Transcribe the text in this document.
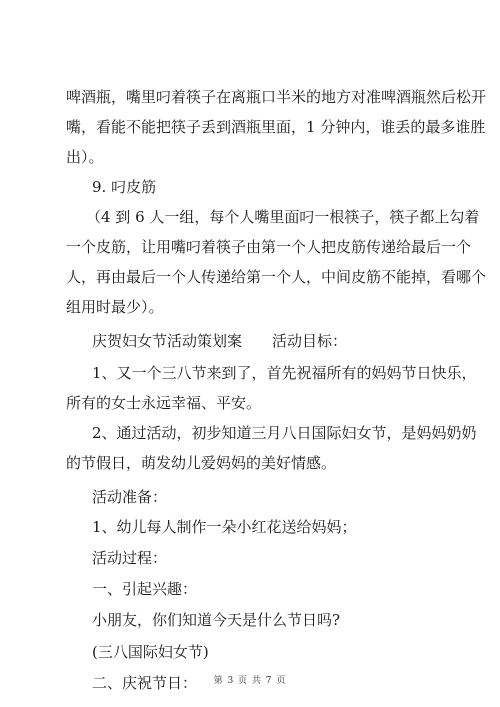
啤酒瓶，嘴里叼着筷子在离瓶口半米的地方对准啤酒瓶然后松开
嘴，看能不能把筷子丢到酒瓶里面，1 分钟内，谁丢的最多谁胜
出）。
9. 叼皮筋
（4 到 6 人一组，每个人嘴里面叼一根筷子，筷子都上勾着
一个皮筋，让用嘴叼着筷子由第一个人把皮筋传递给最后一个
人，再由最后一个人传递给第一个人，中间皮筋不能掉，看哪个
组用时最少）。
庆贺妇女节活动策划案　　活动目标：
1、又一个三八节来到了，首先祝福所有的妈妈节日快乐，
所有的女士永远幸福、平安。
2、通过活动，初步知道三月八日国际妇女节，是妈妈奶奶
的节假日，萌发幼儿爱妈妈的美好情感。
活动准备：
1、幼儿每人制作一朵小红花送给妈妈；
活动过程：
一、引起兴趣：
小朋友，你们知道今天是什么节日吗?
(三八国际妇女节)
二、庆祝节日：	第 3 页 共 7 页
